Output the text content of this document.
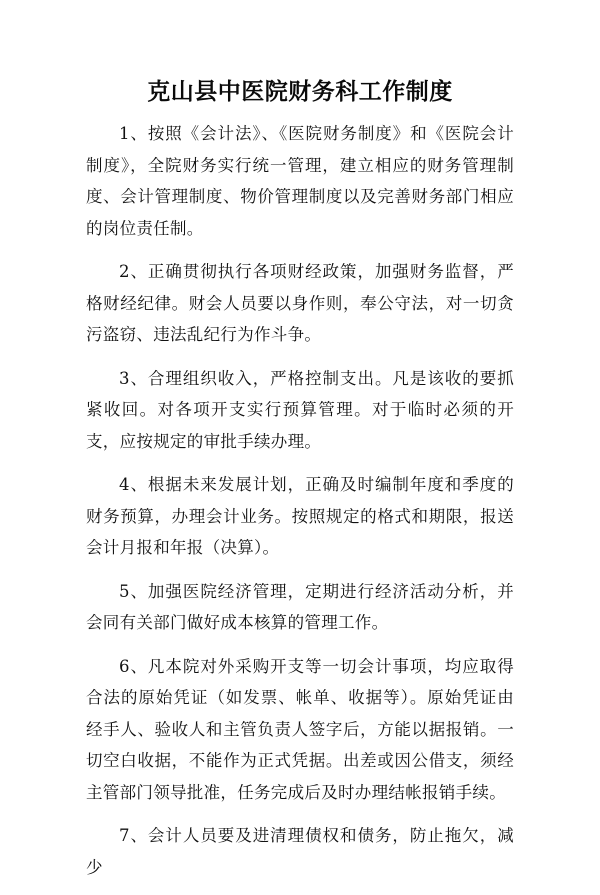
克山县中医院财务科工作制度

1、按照《会计法》、《医院财务制度》和《医院会计制度》，全院财务实行统一管理，建立相应的财务管理制度、会计管理制度、物价管理制度以及完善财务部门相应的岗位责任制。

2、正确贯彻执行各项财经政策，加强财务监督，严格财经纪律。财会人员要以身作则，奉公守法，对一切贪污盗窃、违法乱纪行为作斗争。

3、合理组织收入，严格控制支出。凡是该收的要抓紧收回。对各项开支实行预算管理。对于临时必须的开支，应按规定的审批手续办理。

4、根据未来发展计划，正确及时编制年度和季度的财务预算，办理会计业务。按照规定的格式和期限，报送会计月报和年报（决算）。

5、加强医院经济管理，定期进行经济活动分析，并会同有关部门做好成本核算的管理工作。

6、凡本院对外采购开支等一切会计事项，均应取得合法的原始凭证（如发票、帐单、收据等）。原始凭证由经手人、验收人和主管负责人签字后，方能以据报销。一切空白收据，不能作为正式凭据。出差或因公借支，须经主管部门领导批准，任务完成后及时办理结帐报销手续。

7、会计人员要及进清理债权和债务，防止拖欠，减少
